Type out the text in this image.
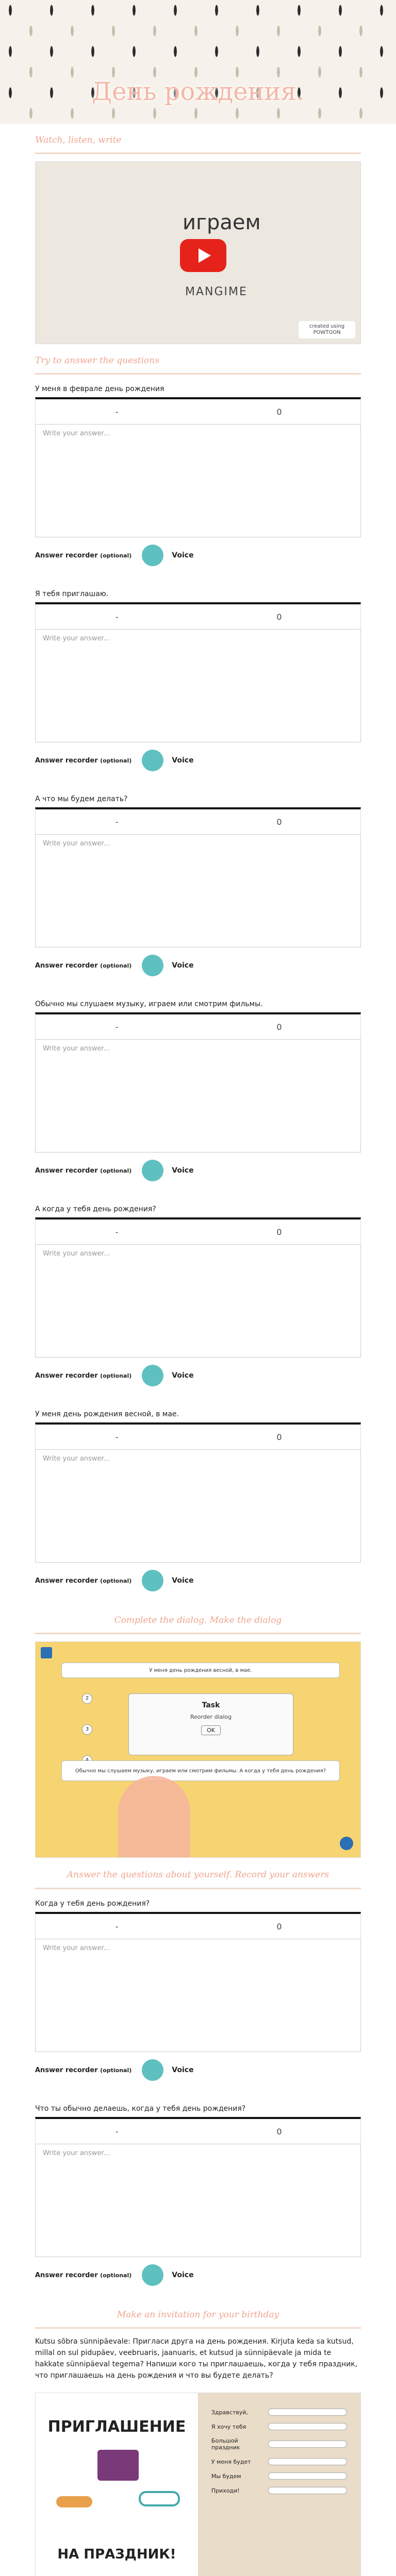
День рождения.
Watch, listen, write
играем
MANGIME
created using POWTOON
Try to answer the questions
У меня в феврале день рождения
-	0
Write your answer...
Answer recorder (optional)	Voice
Я тебя приглашаю.
-	0
Write your answer...
Answer recorder (optional)	Voice
А что мы будем делать?
-	0
Write your answer...
Answer recorder (optional)	Voice
Обычно мы слушаем музыку, играем или смотрим фильмы.
-	0
Write your answer...
Answer recorder (optional)	Voice
А когда у тебя день рождения?
-	0
Write your answer...
Answer recorder (optional)	Voice
У меня день рождения весной, в мае.
-	0
Write your answer...
Answer recorder (optional)	Voice
Complete the dialog. Make the dialog
2
3
У меня день рождения весной, в мае.
Обычно мы слушаем музыку, играем или смотрим фильмы. А когда у тебя день рождения?
Task
Reorder dialog
OK
Answer the questions about yourself. Record your answers
Когда у тебя день рождения?
-	0
Write your answer...
Answer recorder (optional)	Voice
Что ты обычно делаешь, когда у тебя день рождения?
-	0
Write your answer...
Answer recorder (optional)	Voice
Make an invitation for your birthday
Kutsu sõbra sünnipäevale: Пригласи друга на день рождения. Kirjuta keda sa kutsud, millal on sul pidupäev, veebruaris, jaanuaris, et kutsud ja sünnipäevale ja mida te hakkate sünnipäeval tegema? Напиши кого ты приглашаешь, когда у тебя праздник, что приглашаешь на день рождения и что вы будете делать?
ПРИГЛАШЕНИЕ
НА ПРАЗДНИК!
Здравствуй,
Я хочу тебя
Большой праздник
У меня будет
Мы будем
Приходи!
